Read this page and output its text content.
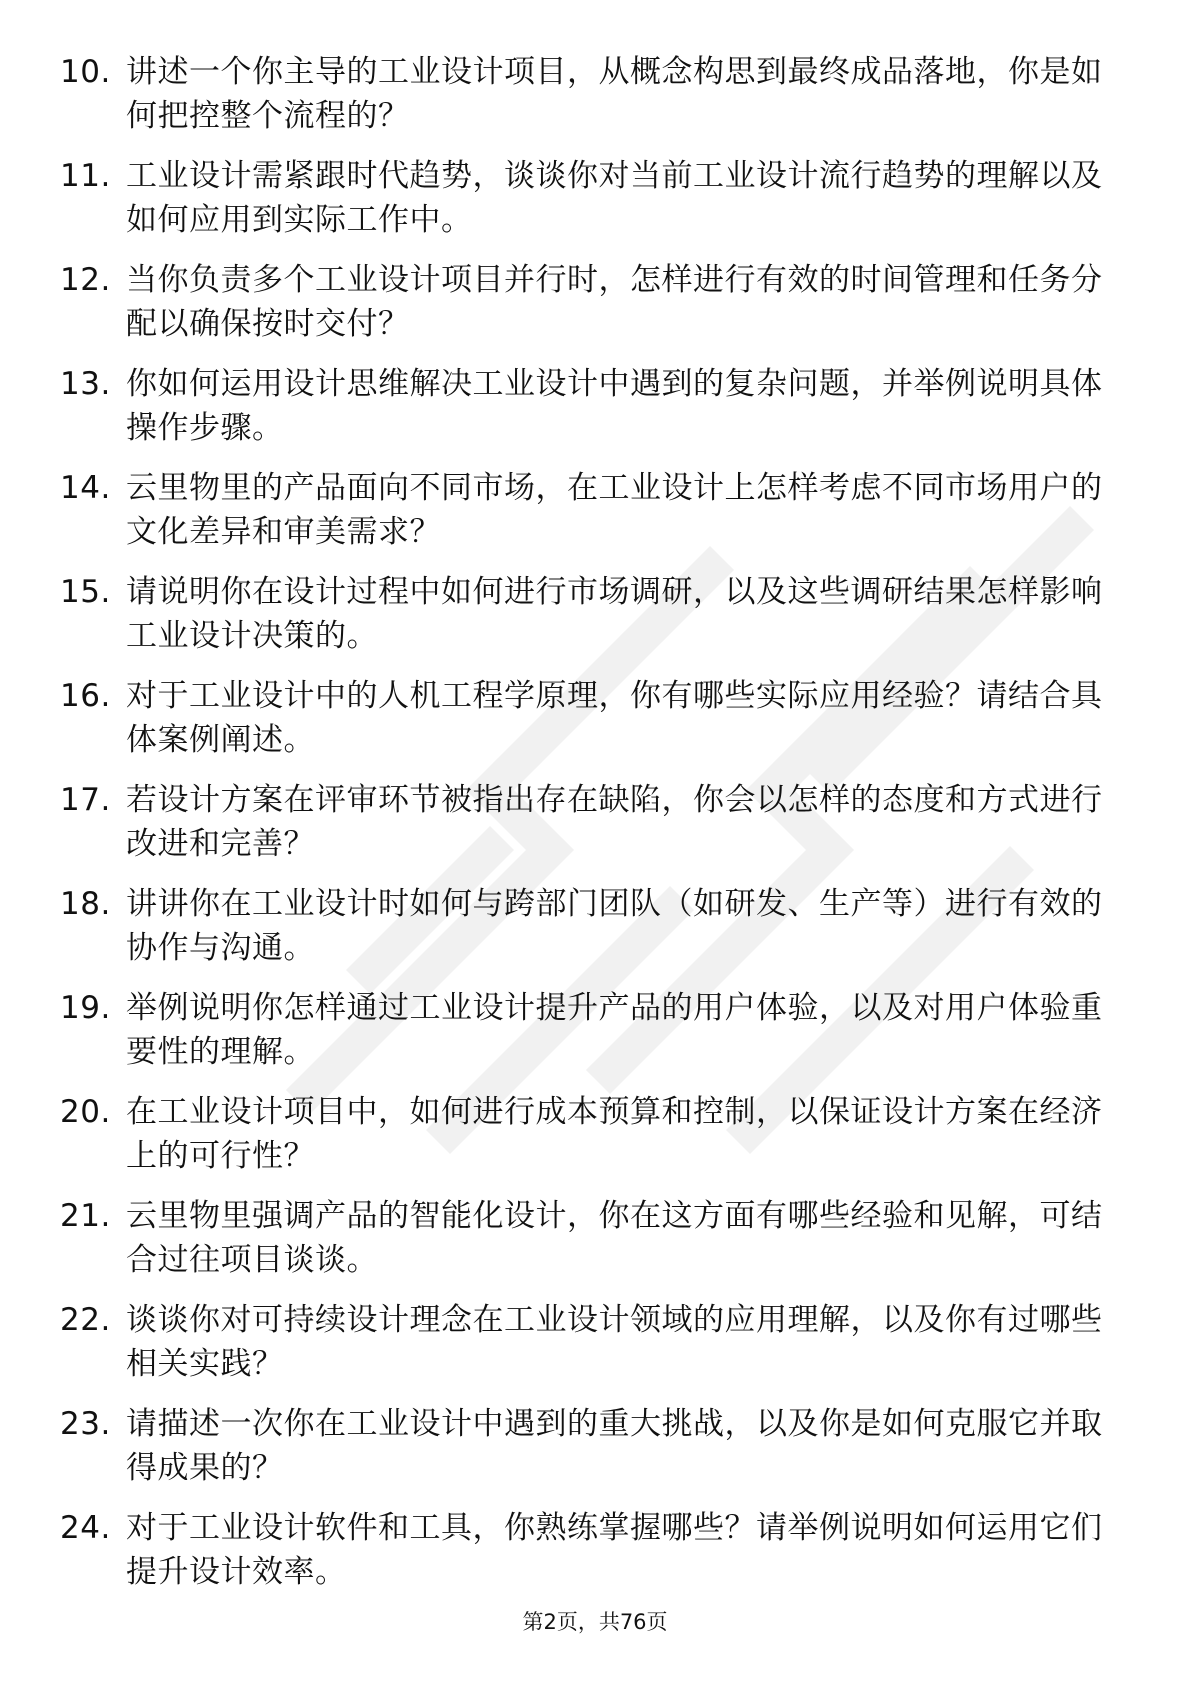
10. 讲述一个你主导的工业设计项目，从概念构思到最终成品落地，你是如何把控整个流程的？
11. 工业设计需紧跟时代趋势，谈谈你对当前工业设计流行趋势的理解以及如何应用到实际工作中。
12. 当你负责多个工业设计项目并行时，怎样进行有效的时间管理和任务分配以确保按时交付？
13. 你如何运用设计思维解决工业设计中遇到的复杂问题，并举例说明具体操作步骤。
14. 云里物里的产品面向不同市场，在工业设计上怎样考虑不同市场用户的文化差异和审美需求？
15. 请说明你在设计过程中如何进行市场调研，以及这些调研结果怎样影响工业设计决策的。
16. 对于工业设计中的人机工程学原理，你有哪些实际应用经验？请结合具体案例阐述。
17. 若设计方案在评审环节被指出存在缺陷，你会以怎样的态度和方式进行改进和完善？
18. 讲讲你在工业设计时如何与跨部门团队（如研发、生产等）进行有效的协作与沟通。
19. 举例说明你怎样通过工业设计提升产品的用户体验，以及对用户体验重要性的理解。
20. 在工业设计项目中，如何进行成本预算和控制，以保证设计方案在经济上的可行性？
21. 云里物里强调产品的智能化设计，你在这方面有哪些经验和见解，可结合过往项目谈谈。
22. 谈谈你对可持续设计理念在工业设计领域的应用理解，以及你有过哪些相关实践？
23. 请描述一次你在工业设计中遇到的重大挑战，以及你是如何克服它并取得成果的？
24. 对于工业设计软件和工具，你熟练掌握哪些？请举例说明如何运用它们提升设计效率。
第2页，共76页
